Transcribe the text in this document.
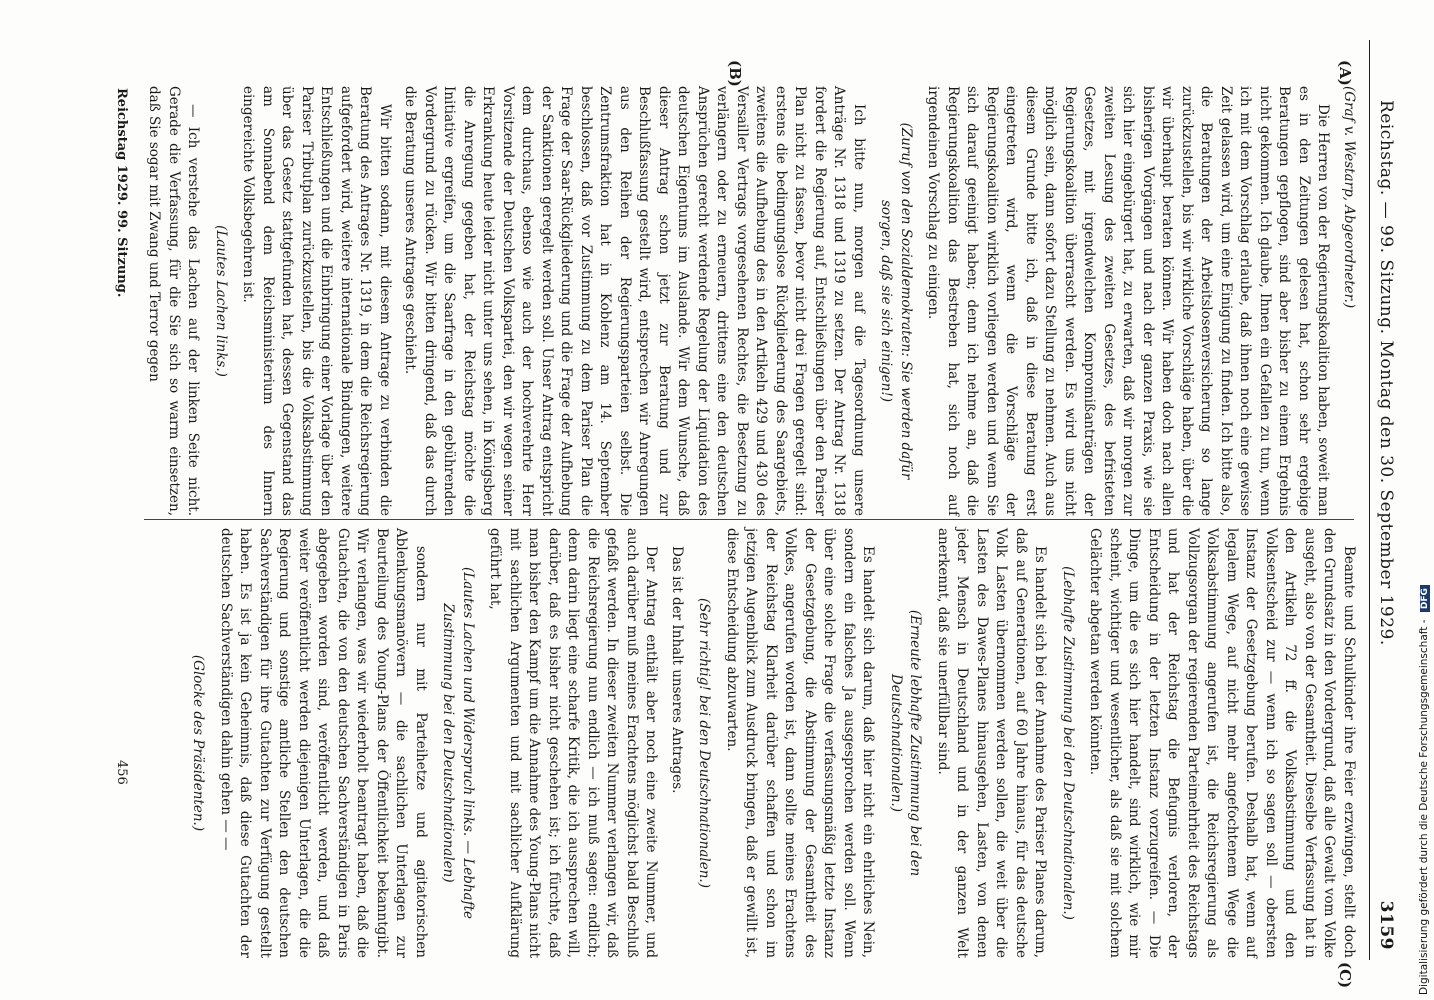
Reichstag. — 99. Sitzung. Montag den 30. September 1929.
3159
(A)
(B)
(C)

(Graf v. Westarp, Abgeordneter.)

Die Herren von der Regierungskoalition haben, soweit man es in den Zeitungen gelesen hat, schon sehr ergebige Beratungen gepflogen, sind aber bisher zu einem Ergebnis nicht gekommen. Ich glaube, Ihnen ein Gefallen zu tun, wenn ich mit dem Vorschlag erlaube, daß ihnen noch eine gewisse Zeit gelassen wird, um eine Einigung zu finden. Ich bitte also, die Beratungen der Arbeitslosenversicherung so lange zurückzustellen, bis wir wirkliche Vorschläge haben, über die wir überhaupt beraten können. Wir haben doch nach allen bisherigen Vorgängen und nach der ganzen Praxis, wie sie sich hier eingebürgert hat, zu erwarten, daß wir morgen zur zweiten Lesung des zweiten Gesetzes, des befristeten Gesetzes, mit irgendwelchen Kompromißanträgen der Regierungskoalition überrascht werden. Es wird uns nicht möglich sein, dann sofort dazu Stellung zu nehmen. Auch aus diesem Grunde bitte ich, daß in diese Beratung erst eingetreten wird, wenn die Vorschläge der Regierungskoalition wirklich vorliegen werden und wenn Sie sich darauf geeinigt haben; denn ich nehme an, daß die Regierungskoalition das Bestreben hat, sich noch auf irgendeinen Vorschlag zu einigen.

(Zuruf von den Sozialdemokraten: Sie werden dafür sorgen, daß sie sich einigen!)

Ich bitte nun, morgen auf die Tagesordnung unsere Anträge Nr. 1318 und 1319 zu setzen. Der Antrag Nr. 1318 fordert die Regierung auf, Entschließungen über den Pariser Plan nicht zu fassen, bevor nicht drei Fragen geregelt sind: erstens die bedingungslose Rückgliederung des Saargebiets, zweitens die Aufhebung des in den Artikeln 429 und 430 des Versailler Vertrags vorgesehenen Rechtes, die Besetzung zu verlängern oder zu erneuern, drittens eine den deutschen Ansprüchen gerecht werdende Regelung der Liquidation des deutschen Eigentums im Auslande. Wir dem Wunsche, daß dieser Antrag schon jetzt zur Beratung und zur Beschlußfassung gestellt wird, entsprechen wir Anregungen aus den Reihen der Regierungsparteien selbst. Die Zentrumsfraktion hat in Koblenz am 14. September beschlossen, daß vor Zustimmung zu dem Pariser Plan die Frage der Saar-Rückgliederung und die Frage der Aufhebung der Sanktionen geregelt werden soll. Unser Antrag entspricht dem durchaus, ebenso wie auch der hochverehrte Herr Vorsitzende der Deutschen Volkspartei, den wir wegen seiner Erkrankung heute leider nicht unter uns sehen, in Königsberg die Anregung gegeben hat, der Reichstag möchte die Initiative ergreifen, um die Saarfrage in den gebührenden Vordergrund zu rücken. Wir bitten dringend, daß das durch die Beratung unseres Antrages geschieht.

Wir bitten sodann, mit diesem Antrage zu verbinden die Beratung des Antrages Nr. 1319, in dem die Reichsregierung aufgefordert wird, weitere internationale Bindungen, weitere Entschließungen und die Einbringung einer Vorlage über den Pariser Tributplan zurückzustellen, bis die Volksabstimmung über das Gesetz stattgefunden hat, dessen Gegenstand das am Sonnabend dem Reichsministerium des Innern eingereichte Volksbegehren ist.

(Lautes Lachen links.)

— Ich verstehe das Lachen auf der linken Seite nicht. Gerade die Verfassung, für die Sie sich so warm einsetzen, daß Sie sogar mit Zwang und Terror gegen

Beamte und Schulkinder ihre Feier erzwingen, stellt doch den Grundsatz in den Vordergrund, daß alle Gewalt vom Volke ausgeht, also von der Gesamtheit. Dieselbe Verfassung hat in den Artikeln 72 ff. die Volksabstimmung und den Volksentscheid zur — wenn ich so sagen soll — obersten Instanz der Gesetzgebung berufen. Deshalb hat, wenn auf legalem Wege, auf nicht mehr angefochtenem Wege die Volksabstimmung angerufen ist, die Reichsregierung als Vollzugsorgan der regierenden Parteimehrheit des Reichstags und hat der Reichstag die Befugnis verloren, der Entscheidung in der letzten Instanz vorzugreifen. — Die Dinge, um die es sich hier handelt, sind wirklich, wie mir scheint, wichtiger und wesentlicher, als daß sie mit solchem Gelächter abgetan werden könnten.

(Lebhafte Zustimmung bei den Deutschnationalen.)

Es handelt sich bei der Annahme des Pariser Planes darum, daß auf Generationen, auf 60 Jahre hinaus, für das deutsche Volk Lasten übernommen werden sollen, die weit über die Lasten des Dawes-Planes hinausgehen, Lasten, von denen jeder Mensch in Deutschland und in der ganzen Welt anerkennt, daß sie unerfüllbar sind.

(Erneute lebhafte Zustimmung bei den Deutschnationalen.)

Es handelt sich darum, daß hier nicht ein ehrliches Nein, sondern ein falsches Ja ausgesprochen werden soll. Wenn über eine solche Frage die verfassungsmäßig letzte Instanz der Gesetzgebung, die Abstimmung der Gesamtheit des Volkes, angerufen worden ist, dann sollte meines Erachtens der Reichstag Klarheit darüber schaffen und schon im jetzigen Augenblick zum Ausdruck bringen, daß er gewillt ist, diese Entscheidung abzuwarten.

(Sehr richtig! bei den Deutschnationalen.)

Das ist der Inhalt unseres Antrages.

Der Antrag enthält aber noch eine zweite Nummer, und auch darüber muß meines Erachtens möglichst bald Beschluß gefaßt werden. In dieser zweiten Nummer verlangen wir, daß die Reichsregierung nun endlich — ich muß sagen: endlich; denn darin liegt eine scharfe Kritik, die ich aussprechen will, darüber, daß es bisher nicht geschehen ist; ich fürchte, daß man bisher den Kampf um die Annahme des Young-Plans nicht mit sachlichen Argumenten und mit sachlicher Aufklärung geführt hat,

(Lautes Lachen und Widerspruch links. — Lebhafte Zustimmung bei den Deutschnationalen)

sondern nur mit Parteihetze und agitatorischen Ablenkungsmanövern — die sachlichen Unterlagen zur Beurteilung des Young-Plans der Öffentlichkeit bekanntgibt. Wir verlangen, was wir wiederholt beantragt haben, daß die Gutachten, die von den deutschen Sachverständigen in Paris abgegeben worden sind, veröffentlicht werden, und daß weiter veröffentlicht werden diejenigen Unterlagen, die die Regierung und sonstige amtliche Stellen den deutschen Sachverständigen für ihre Gutachten zur Verfügung gestellt haben. Es ist ja kein Geheimnis, daß diese Gutachten der deutschen Sachverständigen dahin gehen — —

(Glocke des Präsidenten.)

Reichstag 1929. 99. Sitzung.
456	Digitalisierung gefördert durch die Deutsche Forschungsgemeinschaft - DFG
